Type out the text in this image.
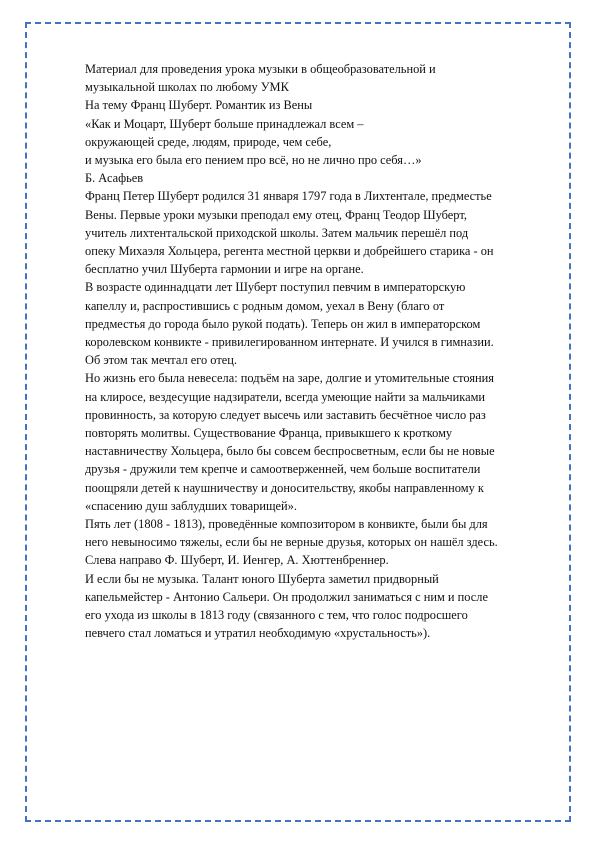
Материал для проведения урока музыки в общеобразовательной и
музыкальной школах по любому УМК

На тему Франц Шуберт. Романтик из Вены

«Как и Моцарт, Шуберт больше принадлежал всем –
окружающей среде, людям, природе, чем себе,
и музыка его была его пением про всё, но не лично про себя…»
Б. Асафьев

Франц Петер Шуберт родился 31 января 1797 года в Лихтентале, предместье
Вены. Первые уроки музыки преподал ему отец, Франц Теодор Шуберт,
учитель лихтентальской приходской школы. Затем мальчик перешёл под
опеку Михаэля Хольцера, регента местной церкви и добрейшего старика - он
бесплатно учил Шуберта гармонии и игре на органе.

В возрасте одиннадцати лет Шуберт поступил певчим в императорскую
капеллу и, распростившись с родным домом, уехал в Вену (благо от
предместья до города было рукой подать). Теперь он жил в императорском
королевском конвикте - привилегированном интернате. И учился в гимназии.
Об этом так мечтал его отец.

Но жизнь его была невесела: подъём на заре, долгие и утомительные стояния
на клиросе, вездесущие надзиратели, всегда умеющие найти за мальчиками
провинность, за которую следует высечь или заставить бесчётное число раз
повторять молитвы. Существование Франца, привыкшего к кроткому
наставничеству Хольцера, было бы совсем беспросветным, если бы не новые
друзья - дружили тем крепче и самоотверженней, чем больше воспитатели
поощряли детей к наушничеству и доносительству, якобы направленному к
«спасению душ заблудших товарищей».

Пять лет (1808 - 1813), проведённые композитором в конвикте, были бы для
него невыносимо тяжелы, если бы не верные друзья, которых он нашёл здесь.
Слева направо Ф. Шуберт, И. Иенгер, А. Хюттенбреннер.

И если бы не музыка. Талант юного Шуберта заметил придворный
капельмейстер - Антонио Сальери. Он продолжил заниматься с ним и после
его ухода из школы в 1813 году (связанного с тем, что голос подросшего
певчего стал ломаться и утратил необходимую «хрустальность»).
